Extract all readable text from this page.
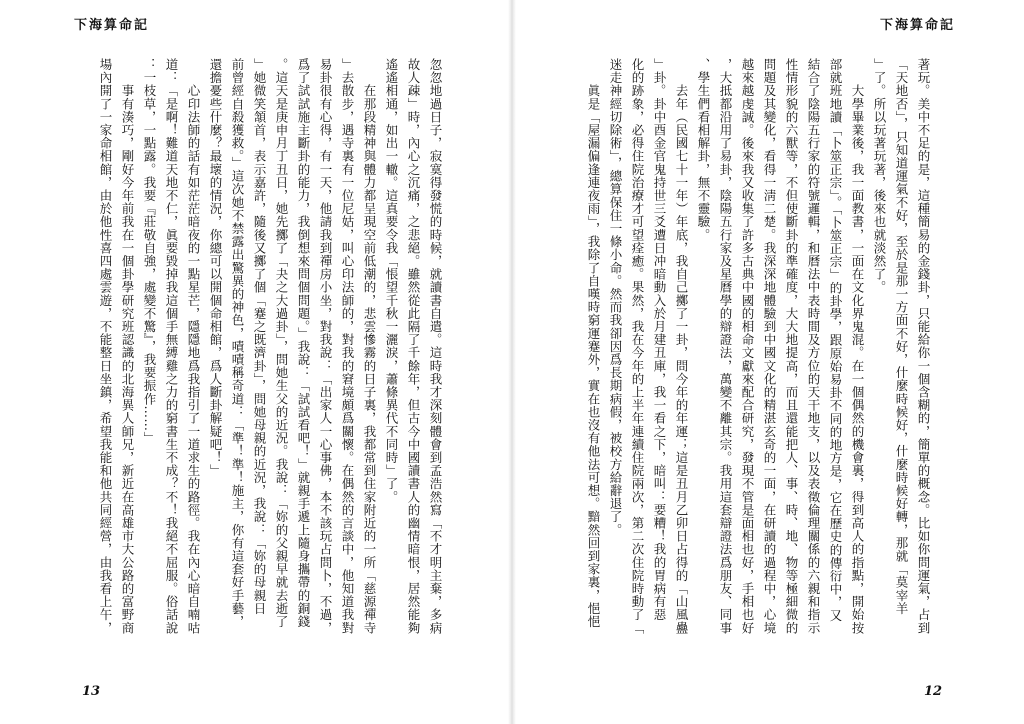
下海算命記

忽忽地過日子，寂寞得發慌的時候，就讀書自遣。這時我才深刻體會到孟浩然寫「不才明主棄，多病

故人疎」時，內心之沉痛，之悲絕。雖然從此隔了千餘年，但古今中國讀書人的幽情暗恨，居然能夠

遙遙相通，如出一轍。這真要令我「悵望千秋一灑淚，蕭條異代不同時」了。

　　在那段精神與體力都呈現空前低潮的，悲雲慘霧的日子裏，我都常到住家附近的一所「慈源禪寺

」去散步，遇寺裏有一位尼姑，叫心印法師的，對我的窘境頗爲關懷。在偶然的言談中，他知道我對

易卦很有心得，有一天，他請我到禪房小坐，對我說：「出家人一心事佛，本不該玩占問卜，不過，

爲了試試施主斷卦的能力，我倒想來問個問題。」我說：「試試看吧！」就親手遞上隨身攜帶的銅錢

。這天是庚申月丁丑日，她先擲了「夬之大過卦」，問她生父的近況。我說：「妳的父親早就去逝了

」她微笑頷首，表示嘉許，隨後又擲了個「蹇之既濟卦」，問她母親的近況，我說：「妳的母親日

前曾經自殺獲救。」這次她不禁露出驚異的神色，嘖嘖稱奇道：「準！準！施主，你有這套好手藝，

還擔憂些什麼？最壞的情況，你總可以開個命相館，爲人斷卦解疑吧！」

　　心印法師的話有如茫茫暗夜的一點星芒，隱隱地爲我指引了一道求生的路徑。我在內心暗自喃咕

道：「是啊！難道天地不仁，眞要毀掉我這個手無縛雞之力的窮書生不成？不！我絕不屈服。俗話說

：一枝草，一點露。我要『莊敬自強，處變不驚』，我要振作……」

　　事有湊巧，剛好今年前我在一個卦學研究班認識的北海異人師兄，新近在高雄市大公路的富野商

場內開了一家命相館，由於他性喜四處雲遊，不能整日坐鎮，希望我能和他共同經營，由我看上午，

13
下海算命記

著玩。美中不足的是，這種簡易的金錢卦，只能給你一個含糊的，簡單的概念。比如你問運氣，占到

「天地否」，只知道運氣不好，至於是那一方面不好，什麼時候好，什麼時候好轉，那就「莫宰羊

」了。所以玩著玩著，後來也就淡然了。

　　大學畢業後，我一面教書，一面在文化界鬼混。在一個偶然的機會裏，得到高人的指點，開始按

部就班地讀「卜筮正宗」。「卜筮正宗」的卦學，跟原始易卦不同的地方是，它在歷史的傳衍中，又

結合了陰陽五行家的符號邏輯，和曆法中表時間及方位的天干地支，以及表徵倫理關係的六親和指示

性情形貌的六獸等，不但使斷卦的準確度，大大地提高，而且還能把人、事、時、地、物等極細微的

問題及其變化，看得一淸二楚。我深深地體驗到中國文化的精湛玄奇的一面，在研讀的過程中，心境

越來越虔誠。後來我又收集了許多古典中國的相命文獻來配合研究，發現不管是面相也好，手相也好

，大抵都沿用了易卦，陰陽五行家及星曆學的辯證法，萬變不離其宗。我用這套辯證法爲朋友、同事

、學生們看相解卦，無不靈驗。

　　去年（民國七十一年）年底，我自己擲了一卦，問今年的年運；這是丑月乙卯日占得的「山風蠱

」卦。卦中酉金官鬼持世三爻遭日冲暗動入於月建丑庫，我一看之下，暗叫：要糟！我的胃病有惡

化的跡象，必得住院治療才可望痊癒。果然，我在今年的上半年連續住院兩次，第二次住院時動了「

迷走神經切除術」，總算保住一條小命。然而我卻因爲長期病假，被校方給辭退了。

　　眞是「屋漏偏逢連夜雨」，我除了自嘆時窮運蹇外，實在也沒有他法可想。黯然回到家裏，悒悒

12
